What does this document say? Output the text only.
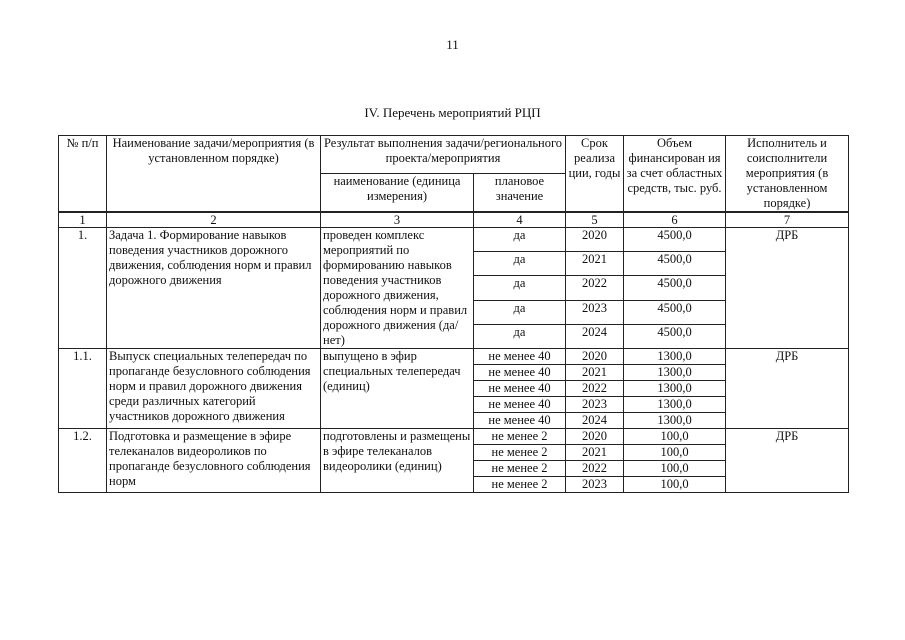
11
IV. Перечень мероприятий РЦП
№ п/п	Наименование задачи/мероприятия (в установленном порядке)	Результат выполнения задачи/регионального проекта/мероприятия		Срок реализа ции, годы	Объем финансирован ия за счет областных средств, тыс. руб.	Исполнитель и соисполнители мероприятия (в установленном порядке)
		наименование (единица измерения)	плановое значение			
1	2	3	4	5	6	7
1.	Задача 1. Формирование навыков поведения участников дорожного движения, соблюдения норм и правил дорожного движения	проведен комплекс мероприятий по формированию навыков поведения участников дорожного движения, соблюдения норм и правил дорожного движения (да/нет)	да	2020	4500,0	ДРБ
			да	2021	4500,0	
			да	2022	4500,0	
			да	2023	4500,0	
			да	2024	4500,0	
1.1.	Выпуск специальных телепередач по пропаганде безусловного соблюдения норм и правил дорожного движения среди различных категорий участников дорожного движения	выпущено в эфир специальных телепередач (единиц)	не менее 40	2020	1300,0	ДРБ
			не менее 40	2021	1300,0	
			не менее 40	2022	1300,0	
			не менее 40	2023	1300,0	
			не менее 40	2024	1300,0	
1.2.	Подготовка и размещение в эфире телеканалов видеороликов по пропаганде безусловного соблюдения норм	подготовлены и размещены в эфире телеканалов видеоролики (единиц)	не менее 2	2020	100,0	ДРБ
			не менее 2	2021	100,0	
			не менее 2	2022	100,0	
			не менее 2	2023	100,0	
